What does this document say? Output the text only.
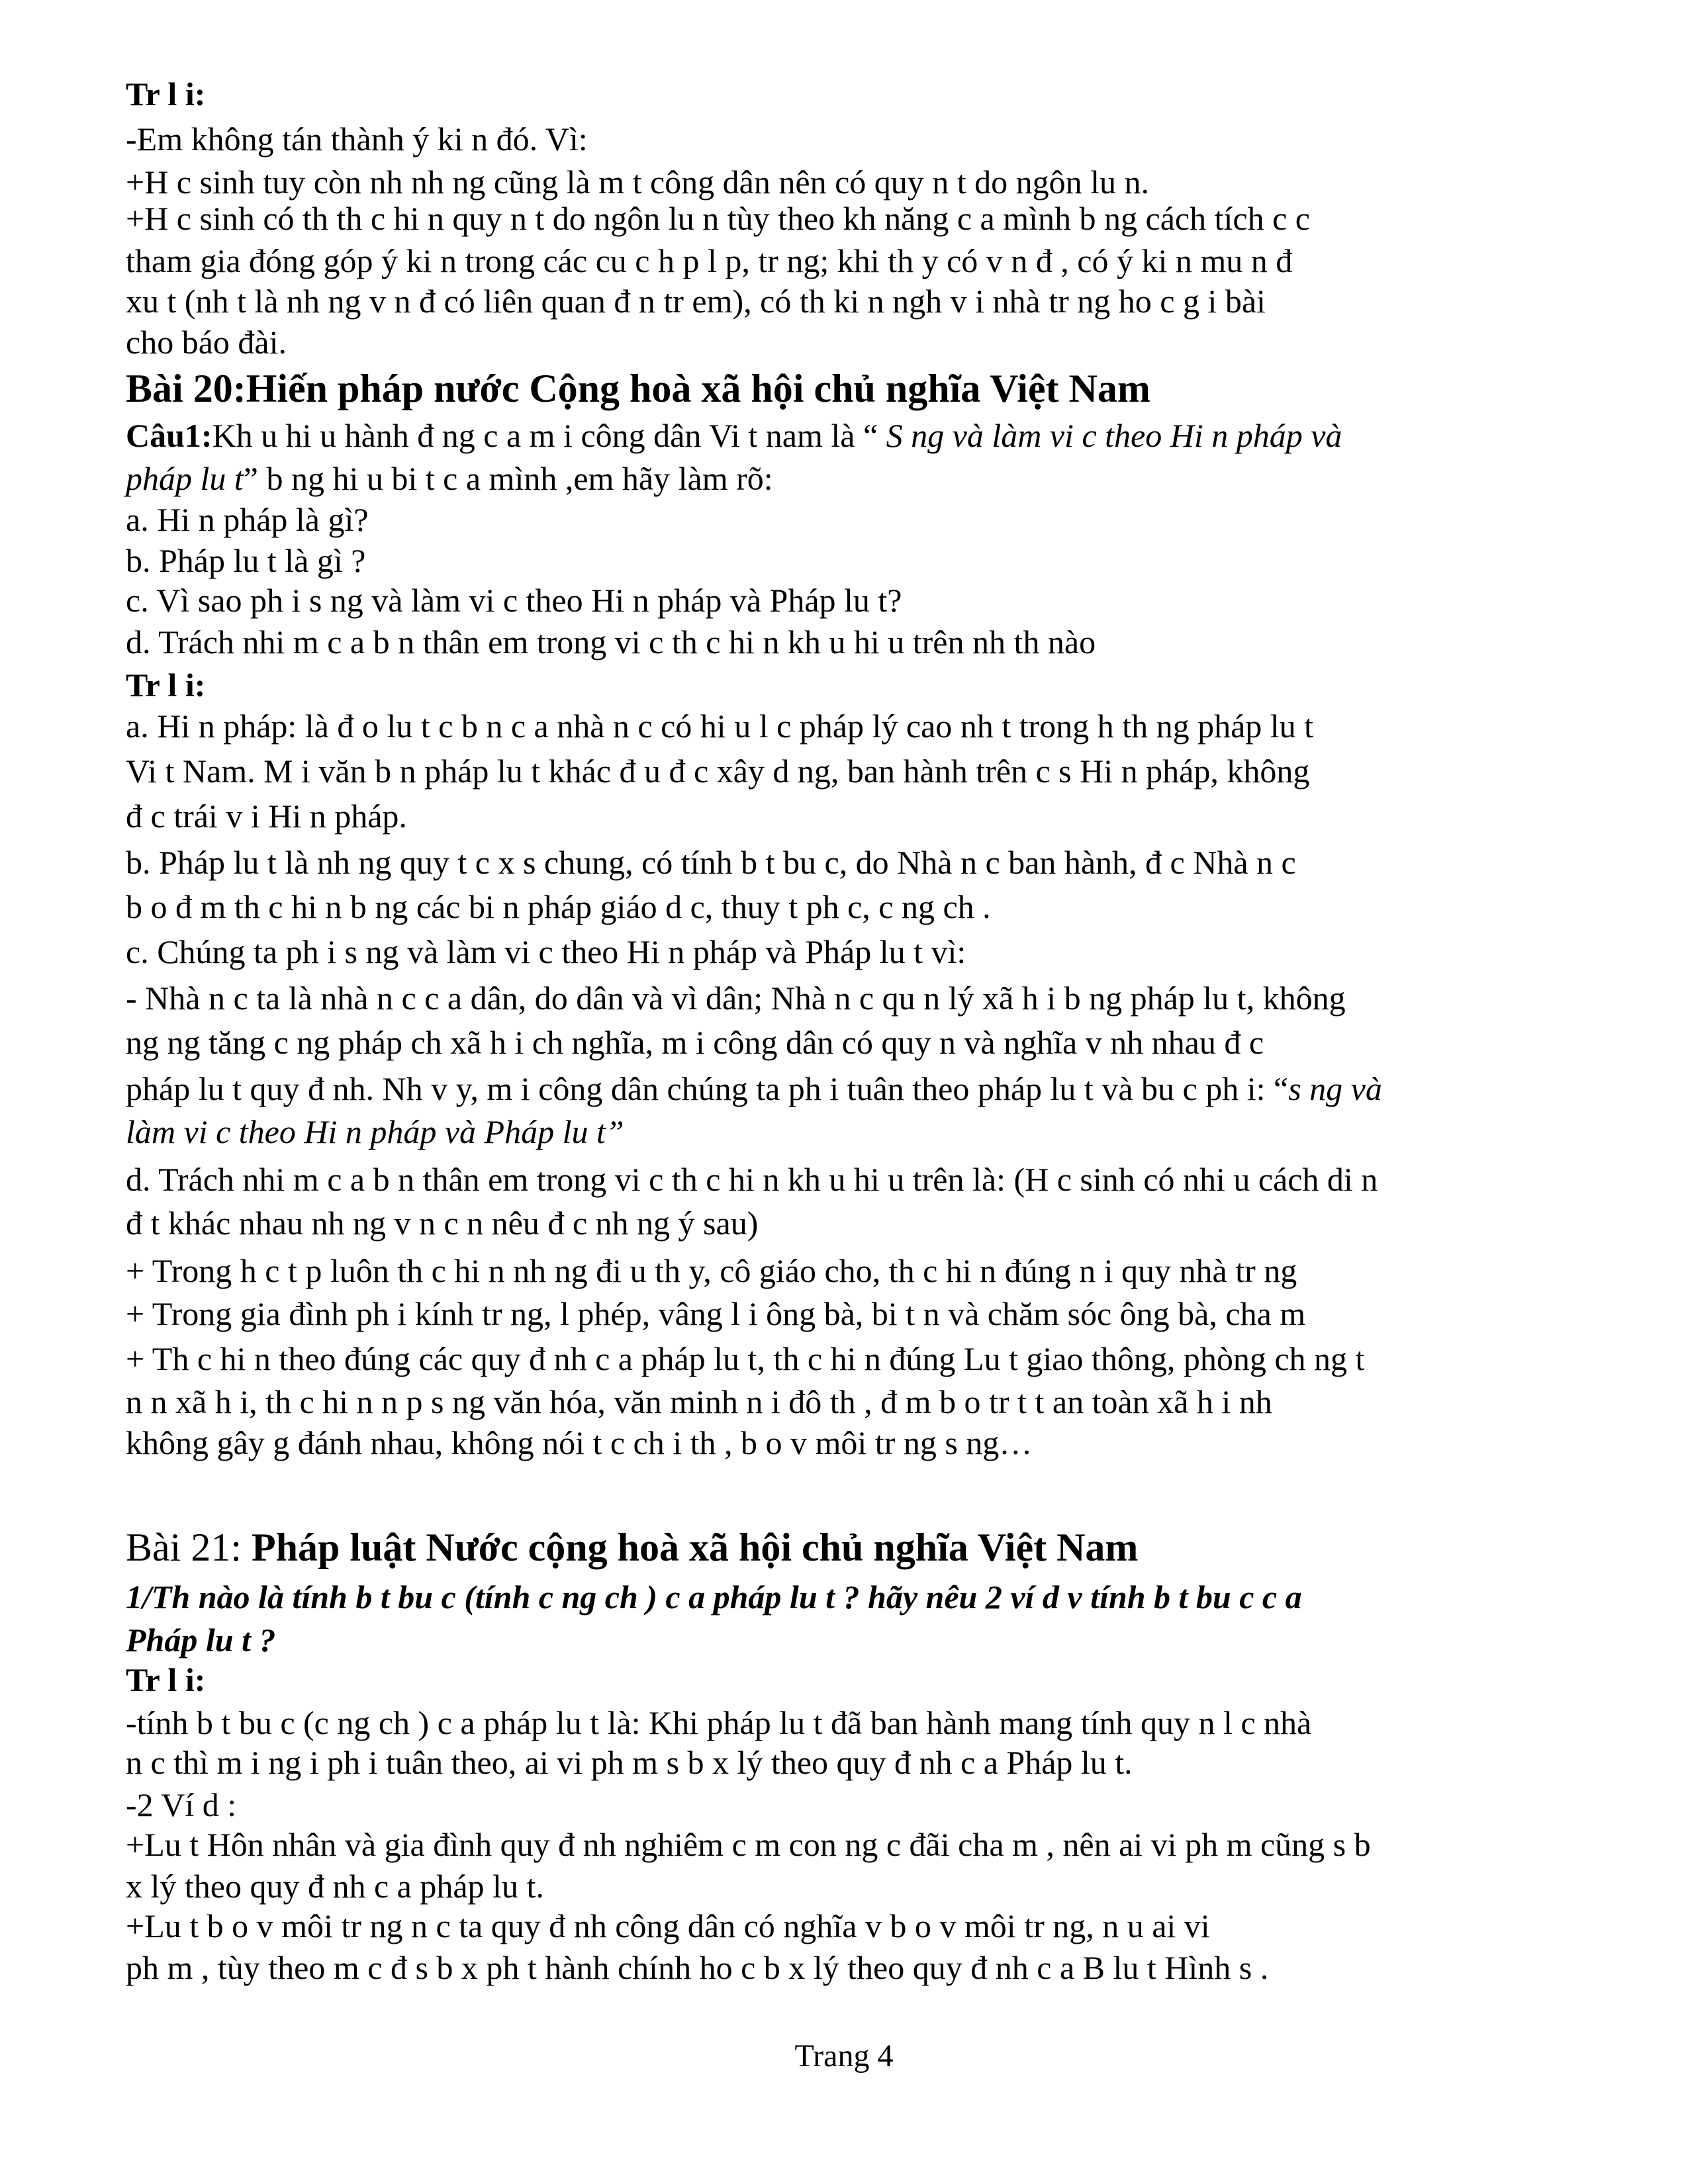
Tr l i:
-Em không tán thành ý ki n đó. Vì:
+H c sinh tuy còn nh nh ng cũng là m t công dân nên có quy n t do ngôn lu n.
+H c sinh có th th c hi n quy n t do ngôn lu n tùy theo kh năng c a mình b ng cách tích c c
tham gia đóng góp ý ki n trong các cu c h p l p, tr ng; khi th y có v n đ , có ý ki n mu n đ
xu t (nh t là nh ng v n đ có liên quan đ n tr em), có th ki n ngh v i nhà tr ng ho c g i bài
cho báo đài.
Bài 20:Hiến pháp nước Cộng hoà xã hội chủ nghĩa Việt Nam
Câu1:Kh u hi u hành đ ng c a m i công dân Vi t nam là “ S ng và làm vi c theo Hi n pháp và
pháp lu t” b ng hi u bi t c a mình ,em hãy làm rõ:
a. Hi n pháp là gì?
b. Pháp lu t là gì ?
c. Vì sao ph i s ng và làm vi c theo Hi n pháp và Pháp lu t?
d. Trách nhi m c a b n thân em trong vi c th c hi n kh u hi u trên nh th nào
Tr l i:
a. Hi n pháp: là đ o lu t c b n c a nhà n c có hi u l c pháp lý cao nh t trong h th ng pháp lu t
Vi t Nam. M i văn b n pháp lu t khác đ u đ c xây d ng, ban hành trên c s Hi n pháp, không
đ c trái v i Hi n pháp.
b. Pháp lu t là nh ng quy t c x s chung, có tính b t bu c, do Nhà n c ban hành, đ c Nhà n c
b o đ m th c hi n b ng các bi n pháp giáo d c, thuy t ph c, c ng ch .
c. Chúng ta ph i s ng và làm vi c theo Hi n pháp và Pháp lu t vì:
- Nhà n c ta là nhà n c c a dân, do dân và vì dân; Nhà n c qu n lý xã h i b ng pháp lu t, không
ng ng tăng c ng pháp ch xã h i ch nghĩa, m i công dân có quy n và nghĩa v nh nhau đ c
pháp lu t quy đ nh. Nh v y, m i công dân chúng ta ph i tuân theo pháp lu t và bu c ph i: “s ng và
làm vi c theo Hi n pháp và Pháp lu t”
d. Trách nhi m c a b n thân em trong vi c th c hi n kh u hi u trên là: (H c sinh có nhi u cách di n
đ t khác nhau nh ng v n c n nêu đ c nh ng ý sau)
+ Trong h c t p luôn th c hi n nh ng đi u th y, cô giáo cho, th c hi n đúng n i quy nhà tr ng
+ Trong gia đình ph i kính tr ng, l phép, vâng l i ông bà, bi t n và chăm sóc ông bà, cha m
+ Th c hi n theo đúng các quy đ nh c a pháp lu t, th c hi n đúng Lu t giao thông, phòng ch ng t
n n xã h i, th c hi n n p s ng văn hóa, văn minh n i đô th , đ m b o tr t t an toàn xã h i nh
không gây g đánh nhau, không nói t c ch i th , b o v môi tr ng s ng…
Bài 21: Pháp luật Nước cộng hoà xã hội chủ nghĩa Việt Nam
1/Th nào là tính b t bu c (tính c ng ch ) c a pháp lu t ? hãy nêu 2 ví d v tính b t bu c c a
Pháp lu t ?
Tr l i:
-tính b t bu c (c ng ch ) c a pháp lu t là: Khi pháp lu t đã ban hành mang tính quy n l c nhà
n c thì m i ng i ph i tuân theo, ai vi ph m s b x lý theo quy đ nh c a Pháp lu t.
-2 Ví d :
+Lu t Hôn nhân và gia đình quy đ nh nghiêm c m con ng c đãi cha m , nên ai vi ph m cũng s b
x lý theo quy đ nh c a pháp lu t.
+Lu t b o v môi tr ng n c ta quy đ nh công dân có nghĩa v b o v môi tr ng, n u ai vi
ph m , tùy theo m c đ s b x ph t hành chính ho c b x lý theo quy đ nh c a B lu t Hình s .
Trang 4
